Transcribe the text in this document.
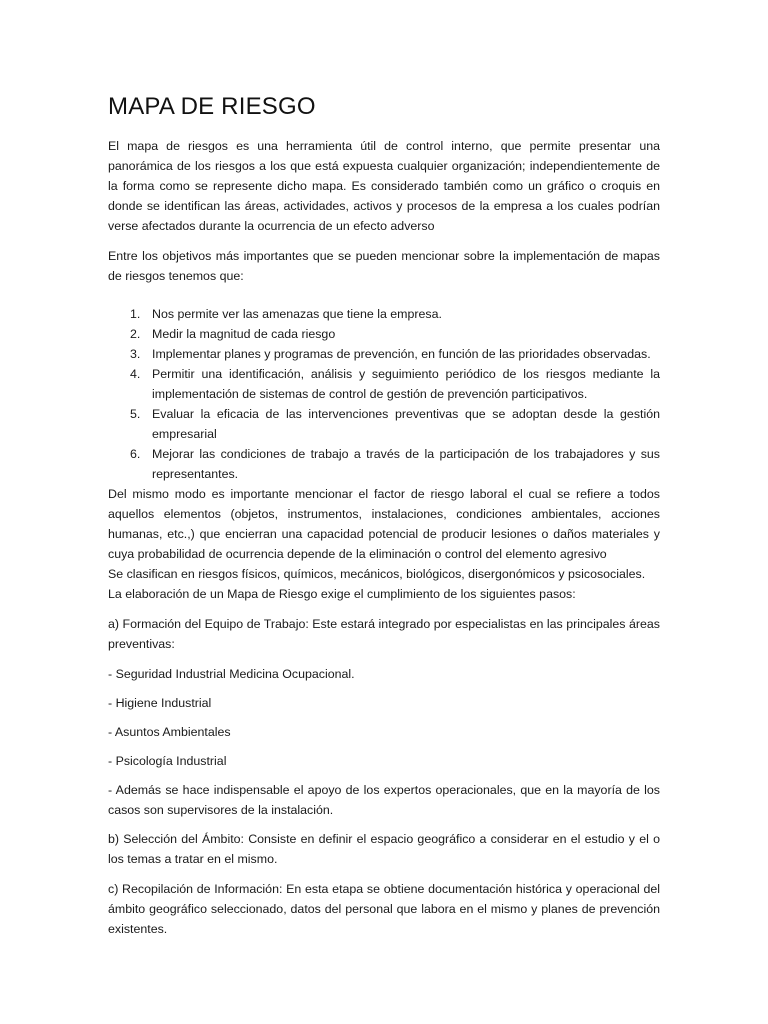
MAPA DE RIESGO

El mapa de riesgos es una herramienta útil de control interno, que permite presentar una panorámica de los riesgos a los que está expuesta cualquier organización; independientemente de la forma como se represente dicho mapa. Es considerado también como un gráfico o croquis en donde se identifican las áreas, actividades, activos y procesos de la empresa a los cuales podrían verse afectados durante la ocurrencia de un efecto adverso

Entre los objetivos más importantes que se pueden mencionar sobre la implementación de mapas de riesgos tenemos que:

1. Nos permite ver las amenazas que tiene la empresa.
2. Medir la magnitud de cada riesgo
3. Implementar planes y programas de prevención, en función de las prioridades observadas.
4. Permitir una identificación, análisis y seguimiento periódico de los riesgos mediante la implementación de sistemas de control de gestión de prevención participativos.
5. Evaluar la eficacia de las intervenciones preventivas que se adoptan desde la gestión empresarial
6. Mejorar las condiciones de trabajo a través de la participación de los trabajadores y sus representantes.

Del mismo modo es importante mencionar el factor de riesgo laboral el cual se refiere a todos aquellos elementos (objetos, instrumentos, instalaciones, condiciones ambientales, acciones humanas, etc.,) que encierran una capacidad potencial de producir lesiones o daños materiales y cuya probabilidad de ocurrencia depende de la eliminación o control del elemento agresivo

Se clasifican en riesgos físicos, químicos, mecánicos, biológicos, disergonómicos y psicosociales.

La elaboración de un Mapa de Riesgo exige el cumplimiento de los siguientes pasos:

a) Formación del Equipo de Trabajo: Este estará integrado por especialistas en las principales áreas preventivas:

- Seguridad Industrial Medicina Ocupacional.

- Higiene Industrial

- Asuntos Ambientales

- Psicología Industrial

- Además se hace indispensable el apoyo de los expertos operacionales, que en la mayoría de los casos son supervisores de la instalación.

b) Selección del Ámbito: Consiste en definir el espacio geográfico a considerar en el estudio y el o los temas a tratar en el mismo.

c) Recopilación de Información: En esta etapa se obtiene documentación histórica y operacional del ámbito geográfico seleccionado, datos del personal que labora en el mismo y planes de prevención existentes.
